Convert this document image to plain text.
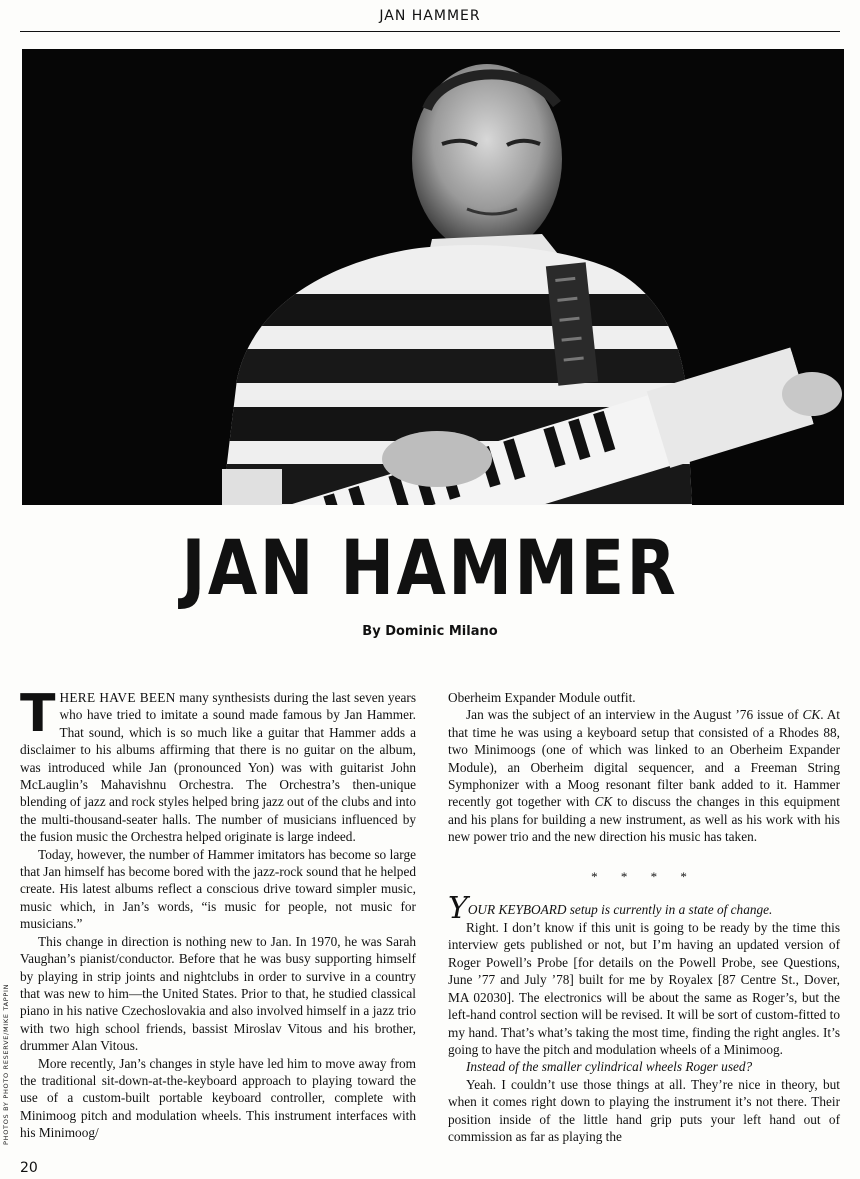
JAN HAMMER
PHOTOS BY PHOTO RESERVE/MIKE TAPPIN
JAN HAMMER
By Dominic Milano

THERE HAVE BEEN many synthesists during the last seven years who have tried to imitate a sound made famous by Jan Hammer. That sound, which is so much like a guitar that Hammer adds a disclaimer to his albums affirming that there is no guitar on the album, was introduced while Jan (pronounced Yon) was with guitarist John McLauglin’s Mahavishnu Orchestra. The Orchestra’s then-unique blending of jazz and rock styles helped bring jazz out of the clubs and into the multi-thousand-seater halls. The number of musicians influenced by the fusion music the Orchestra helped originate is large indeed.

Today, however, the number of Hammer imitators has become so large that Jan himself has become bored with the jazz-rock sound that he helped create. His latest albums reflect a conscious drive toward simpler music, music which, in Jan’s words, “is music for people, not music for musicians.”

This change in direction is nothing new to Jan. In 1970, he was Sarah Vaughan’s pianist/conductor. Before that he was busy supporting himself by playing in strip joints and nightclubs in order to survive in a country that was new to him—the United States. Prior to that, he studied classical piano in his native Czechoslovakia and also involved himself in a jazz trio with two high school friends, bassist Miroslav Vitous and his brother, drummer Alan Vitous.

More recently, Jan’s changes in style have led him to move away from the traditional sit-down-at-the-keyboard approach to playing toward the use of a custom-built portable keyboard controller, complete with Minimoog pitch and modulation wheels. This instrument interfaces with his Minimoog/

Oberheim Expander Module outfit.

Jan was the subject of an interview in the August ’76 issue of CK. At that time he was using a keyboard setup that consisted of a Rhodes 88, two Minimoogs (one of which was linked to an Oberheim Expander Module), an Oberheim digital sequencer, and a Freeman String Symphonizer with a Moog resonant filter bank added to it. Hammer recently got together with CK to discuss the changes in this equipment and his plans for building a new instrument, as well as his work with his new power trio and the new direction his music has taken.

* * * *

YOUR KEYBOARD setup is currently in a state of change.

Right. I don’t know if this unit is going to be ready by the time this interview gets published or not, but I’m having an updated version of Roger Powell’s Probe [for details on the Powell Probe, see Questions, June ’77 and July ’78] built for me by Royalex [87 Centre St., Dover, MA 02030]. The electronics will be about the same as Roger’s, but the left-hand control section will be revised. It will be sort of custom-fitted to my hand. That’s what’s taking the most time, finding the right angles. It’s going to have the pitch and modulation wheels of a Minimoog.

Instead of the smaller cylindrical wheels Roger used?

Yeah. I couldn’t use those things at all. They’re nice in theory, but when it comes right down to playing the instrument it’s not there. Their position inside of the little hand grip puts your left hand out of commission as far as playing the

20
